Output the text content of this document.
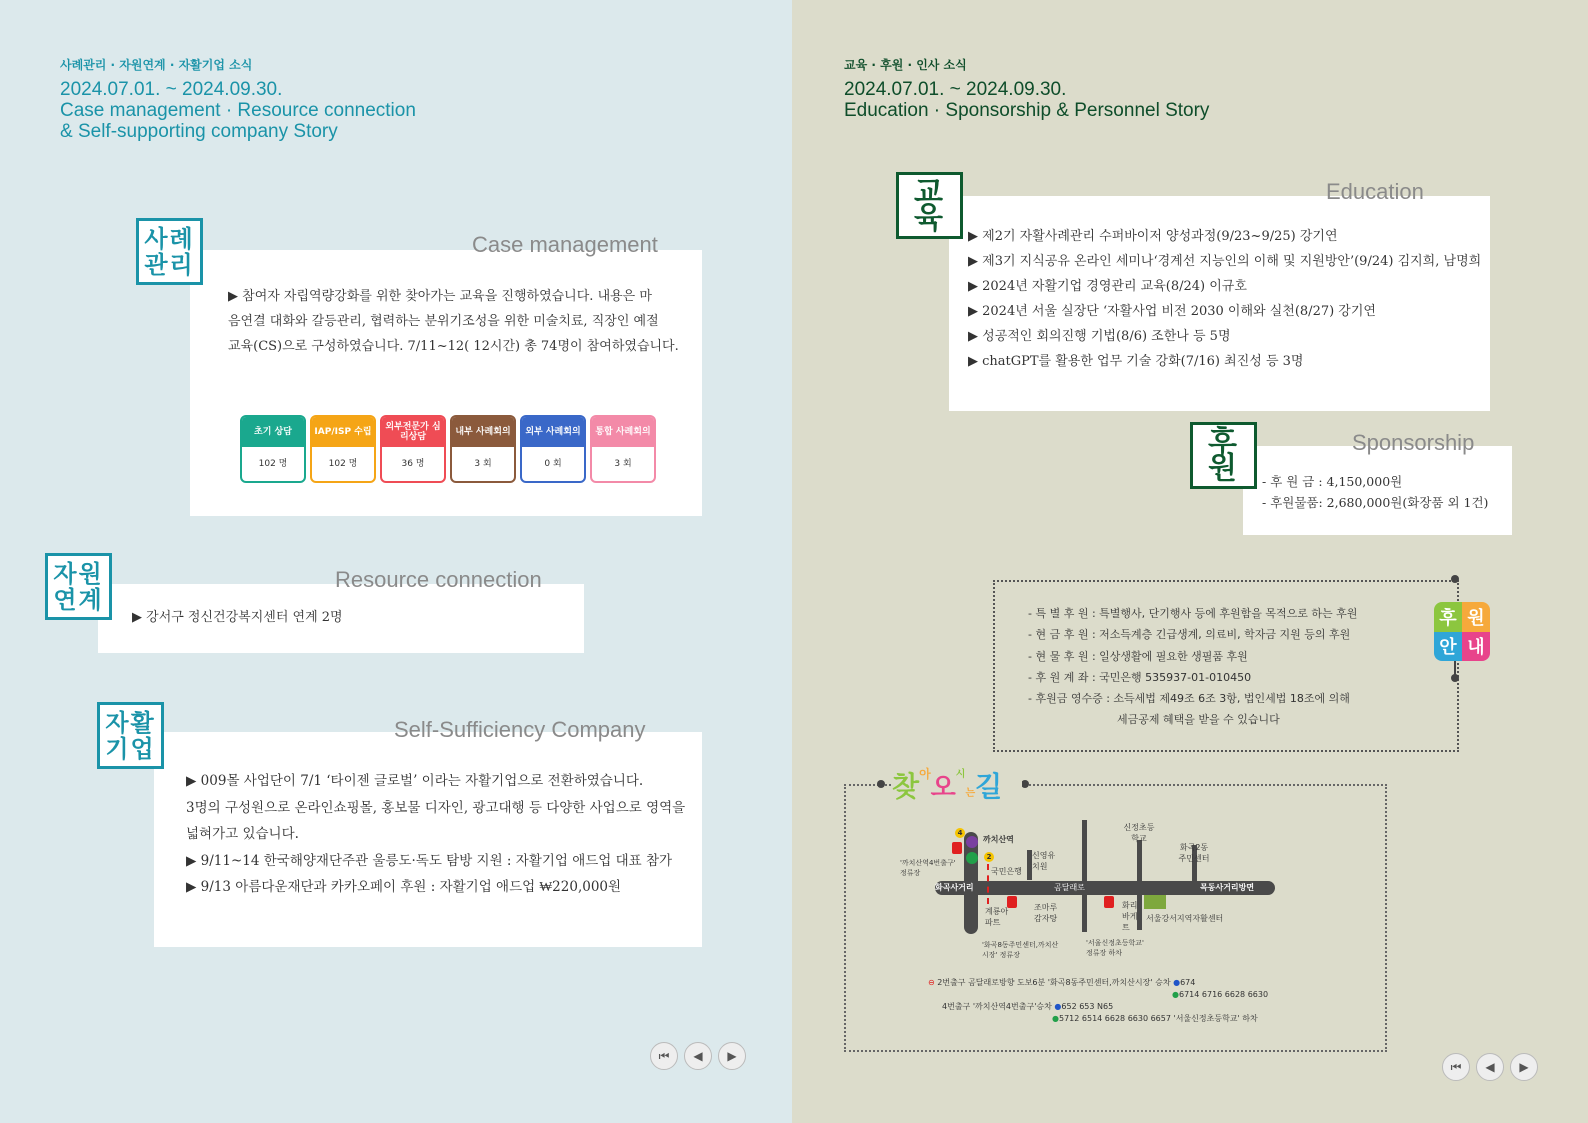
사례관리 · 자원연계 · 자활기업 소식
2024.07.01. ~ 2024.09.30.
Case management · Resource connection
& Self-supporting company Story
사례
관리
Case management
▶ 참여자 자립역량강화를 위한 찾아가는 교육을 진행하였습니다. 내용은 마
음연결 대화와 갈등관리, 협력하는 분위기조성을 위한 미술치료, 직장인 예절
교육(CS)으로 구성하였습니다. 7/11~12( 12시간) 총 74명이 참여하였습니다.
자원
연계
Resource connection
▶ 강서구 정신건강복지센터 연계 2명
자활
기업
Self-Sufficiency Company
▶ 009몰 사업단이 7/1 ‘타이젠 글로벌’ 이라는 자활기업으로 전환하였습니다.
3명의 구성원으로 온라인쇼핑몰, 홍보물 디자인, 광고대행 등 다양한 사업으로 영역을
넓혀가고 있습니다.
▶ 9/11~14 한국해양재단주관 울릉도·독도 탐방 지원 : 자활기업 애드업 대표 참가
▶ 9/13 아름다운재단과 카카오페이 후원 : 자활기업 애드업 ₩220,000원
⏮	◀	▶
초기 상담
102 명
IAP/ISP 수립
102 명
외부전문가 심리상담
36 명
내부 사례회의
3 회
외부 사례회의
0 회
통합 사례회의
3 회
교육 · 후원 · 인사 소식
2024.07.01. ~ 2024.09.30.
Education · Sponsorship & Personnel Story
교육
Education
▶ 제2기 자활사례관리 수퍼바이저 양성과정(9/23~9/25) 강기연
▶ 제3기 지식공유 온라인 세미나‘경계선 지능인의 이해 및 지원방안’(9/24) 김지희, 남명희
▶ 2024년 자활기업 경영관리 교육(8/24) 이규호
▶ 2024년 서울 실장단 ‘자활사업 비전 2030 이해와 실천(8/27) 강기연
▶ 성공적인 회의진행 기법(8/6) 조한나 등 5명
▶ chatGPT를 활용한 업무 기술 강화(7/16) 최진성 등 3명
후원
Sponsorship
- 후 원 금 : 4,150,000원
- 후원물품: 2,680,000원(화장품 외 1건)
후 원
안 내
- 특 별 후 원 : 특별행사, 단기행사 등에 후원함을 목적으로 하는 후원
- 현 금 후 원 : 저소득계층 긴급생계, 의료비, 학자금 지원 등의 후원
- 현 물 후 원 : 일상생활에 필요한 생필품 후원
- 후 원 계 좌 : 국민은행 535937-01-010450
- 후원금 영수증 : 소득세법 제49조 6조 3항, 법인세법 18조에 의해
세금공제 혜택을 받을 수 있습니다
찾$^아$오$^시$는길
4
2
까치산역
화곡사거리	곰달래로	목동사거리방면
신정초등학교
화곡2동주민센터
신영유치원
국민은행
계룡아파트
조마루감자탕
화리바게트
서울강서지역자활센터
'까치산역4번출구' 정류장
'화곡8동주민센터,까치산시장' 정류장
'서울신정초등학교' 정류장 하차
⊖ 2번출구 곰달래로방향 도보6분 '화곡8동주민센터,까치산시장' 승차 ●674
●6714 6716 6628 6630
4번출구 '까치산역4번출구'승차 ●652 653 N65
●5712 6514 6628 6630 6657 '서울신정초등학교' 하차
⏮	◀	▶
